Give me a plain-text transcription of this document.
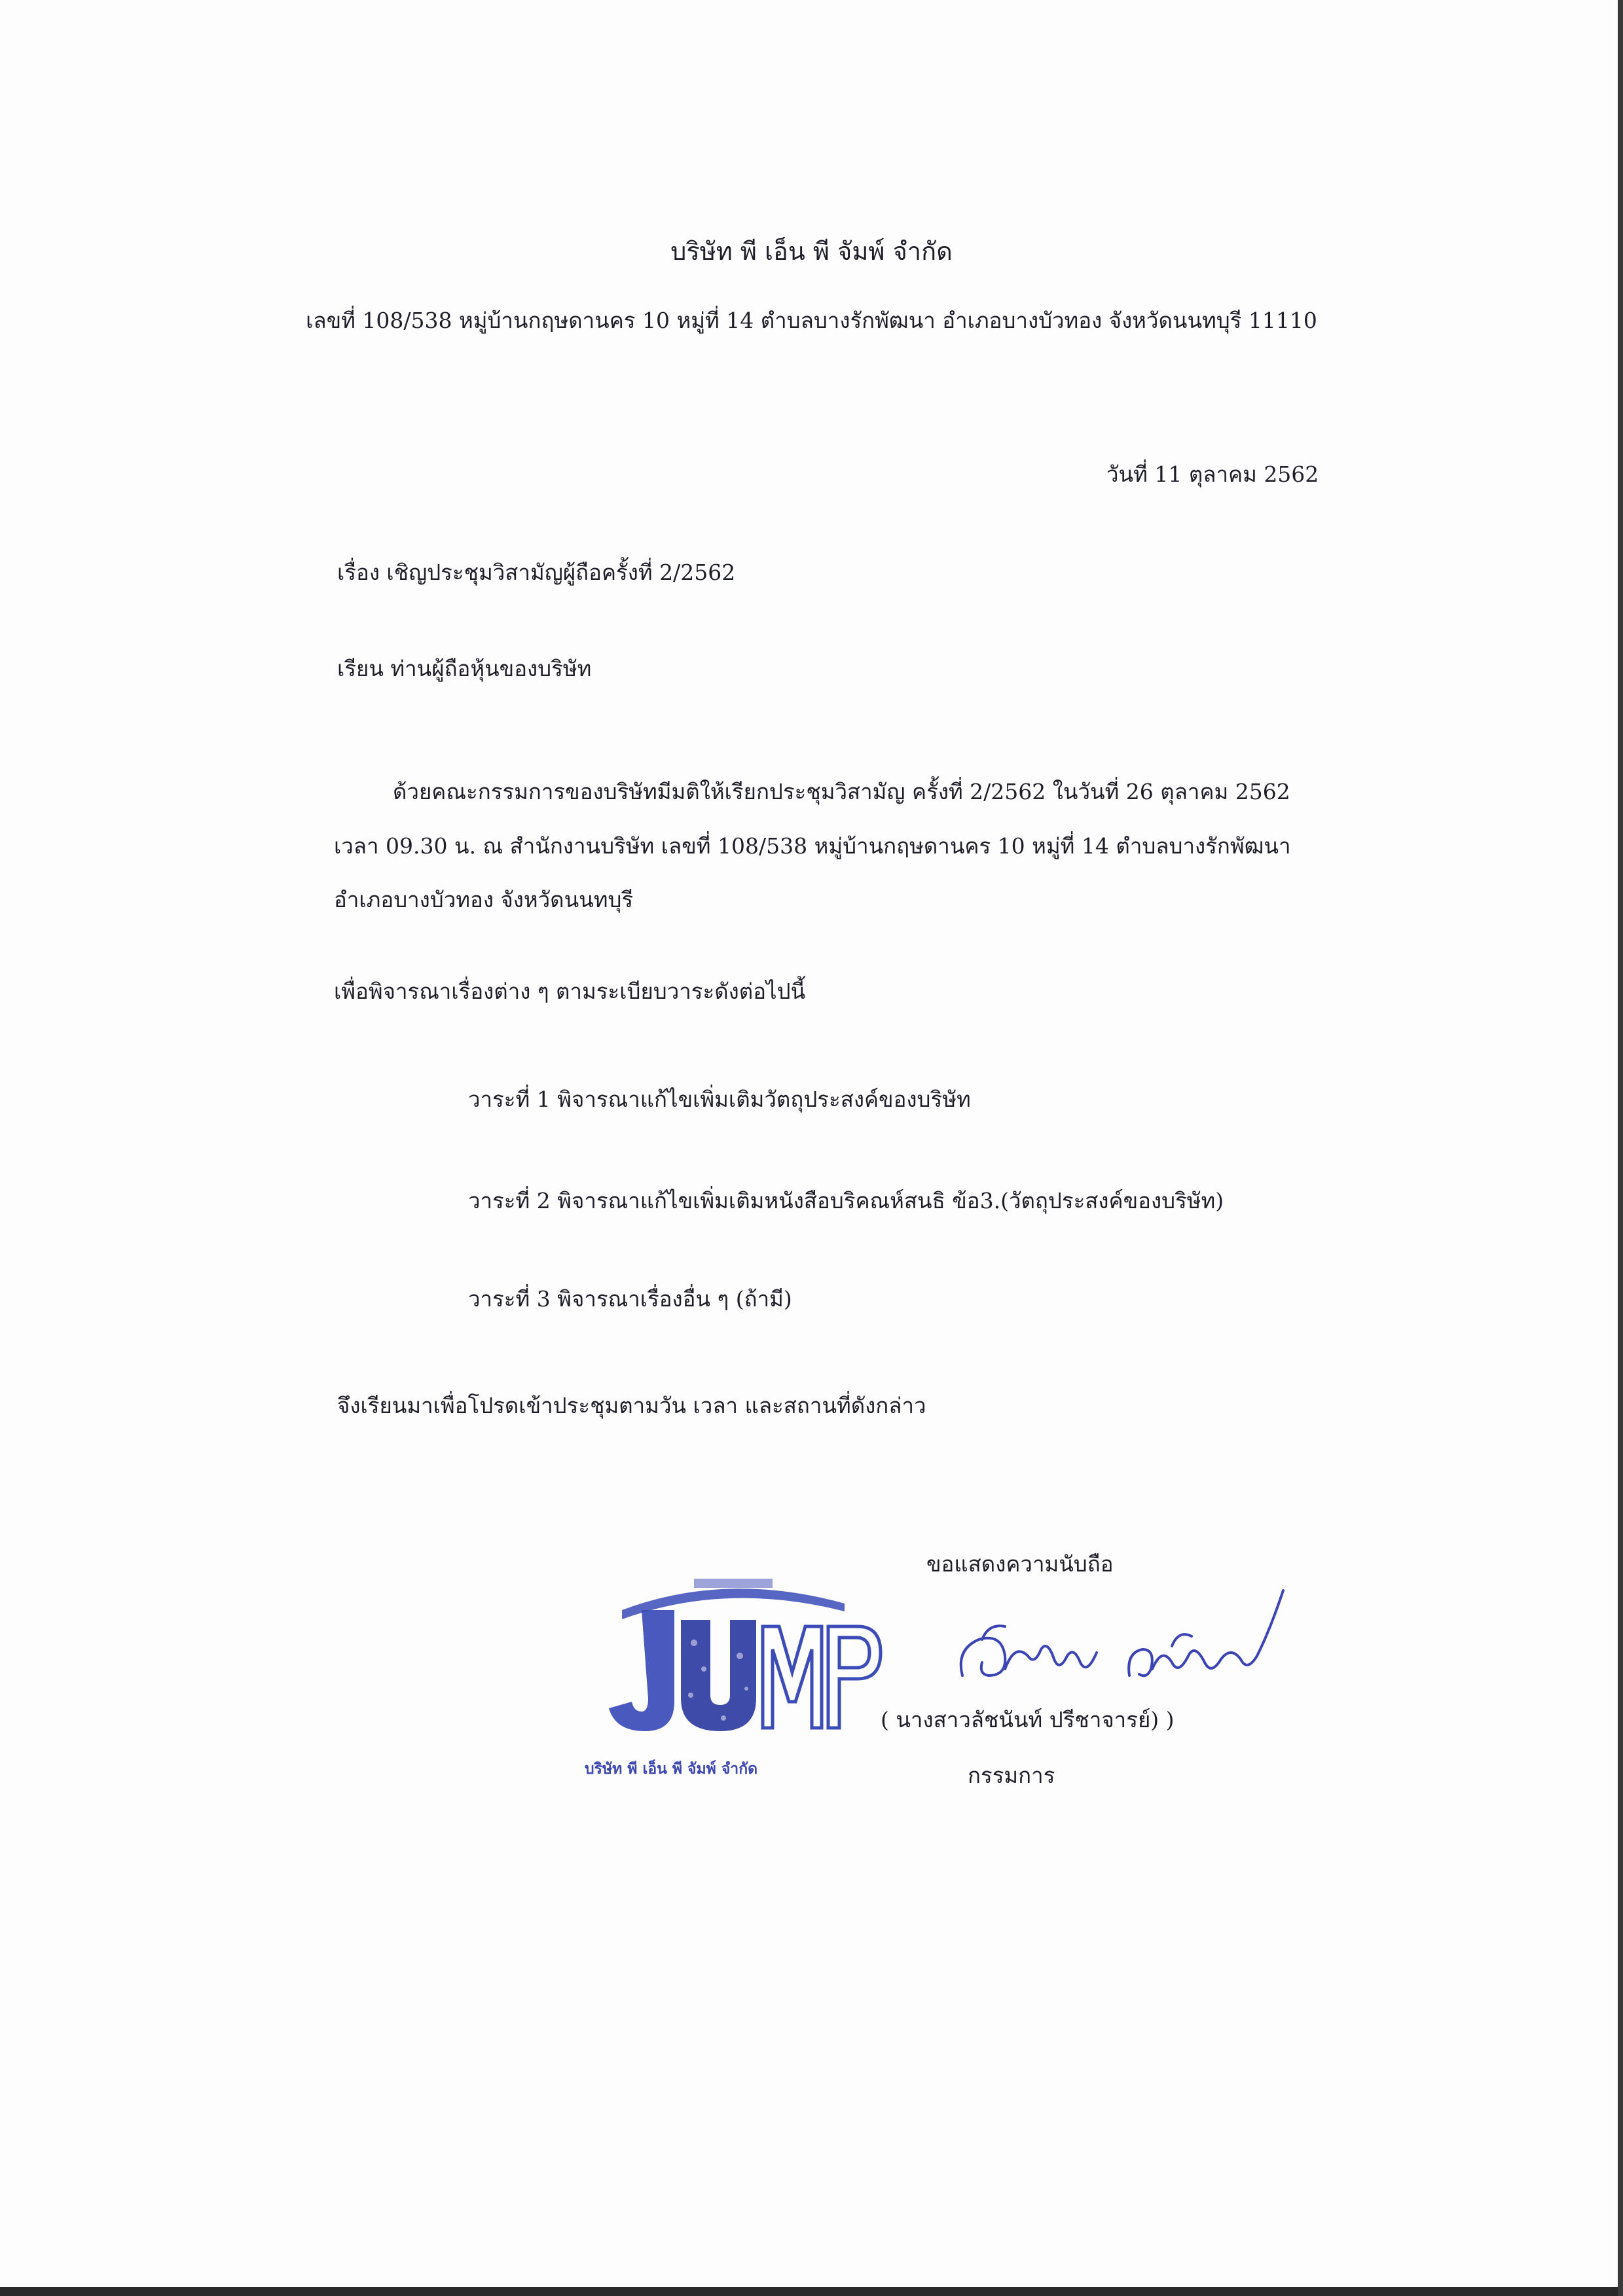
บริษัท พี เอ็น พี จัมพ์ จำกัด

เลขที่ 108/538 หมู่บ้านกฤษดานคร 10 หมู่ที่ 14 ตำบลบางรักพัฒนา อำเภอบางบัวทอง จังหวัดนนทบุรี 11110

วันที่ 11 ตุลาคม 2562

เรื่อง เชิญประชุมวิสามัญผู้ถือครั้งที่ 2/2562

เรียน ท่านผู้ถือหุ้นของบริษัท

ด้วยคณะกรรมการของบริษัทมีมติให้เรียกประชุมวิสามัญ ครั้งที่ 2/2562 ในวันที่ 26 ตุลาคม 2562

เวลา 09.30 น. ณ สำนักงานบริษัท เลขที่ 108/538 หมู่บ้านกฤษดานคร 10 หมู่ที่ 14 ตำบลบางรักพัฒนา

อำเภอบางบัวทอง จังหวัดนนทบุรี

เพื่อพิจารณาเรื่องต่าง ๆ ตามระเบียบวาระดังต่อไปนี้

วาระที่ 1 พิจารณาแก้ไขเพิ่มเติมวัตถุประสงค์ของบริษัท

วาระที่ 2 พิจารณาแก้ไขเพิ่มเติมหนังสือบริคณห์สนธิ ข้อ3.(วัตถุประสงค์ของบริษัท)

วาระที่ 3 พิจารณาเรื่องอื่น ๆ (ถ้ามี)

จึงเรียนมาเพื่อโปรดเข้าประชุมตามวัน เวลา และสถานที่ดังกล่าว

ขอแสดงความนับถือ

บริษัท พี เอ็น พี จัมพ์ จำกัด

( นางสาวลัชนันท์ ปรีชาจารย์) )

กรรมการ
